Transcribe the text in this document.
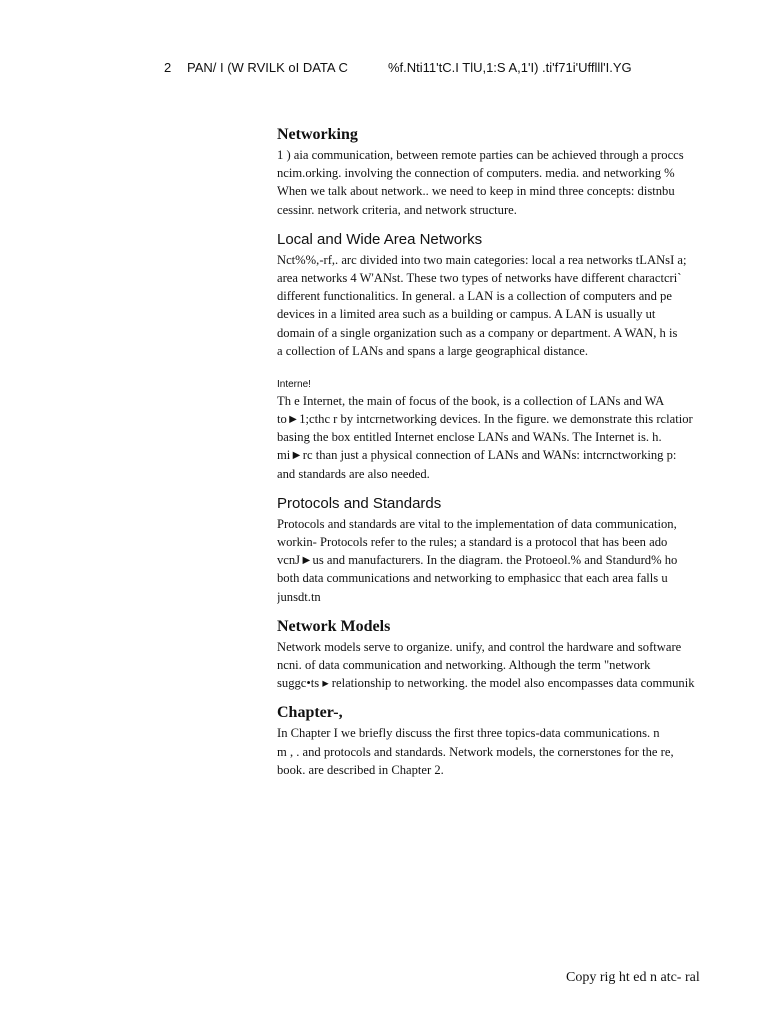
2 PAN/ I (W RVILK oI DATA C	%f.Nti11'tC.I TlU,1:S A,1'I) .ti'f71i'Ufflll'I.YG
Networking
1 ) aia communication, between remote parties can be achieved through a proccs
ncim.orking. involving the connection of computers. media. and networking %
When we talk about network.. we need to keep in mind three concepts: distnbu
cessinr. network criteria, and network structure.
Local and Wide Area Networks
Nct%%,-rf,. arc divided into two main categories: local a rea networks tLANsI a;
area networks 4 W'ANst. These two types of networks have different charactcri`
different functionalitics. In general. a LAN is a collection of computers and pe
devices in a limited area such as a building or campus. A LAN is usually ut
domain of a single organization such as a company or department. A WAN, h is
a collection of LANs and spans a large geographical distance.
Interne!
Th e Internet, the main of focus of the book, is a collection of LANs and WA
to►1;cthc r by intcrnetworking devices. In the figure. we demonstrate this rclatior
basing the box entitled Internet enclose LANs and WANs. The Internet is. h.
mi►rc than just a physical connection of LANs and WANs: intcrnctworking p:
and standards are also needed.
Protocols and Standards
Protocols and standards are vital to the implementation of data communication,
workin- Protocols refer to the rules; a standard is a protocol that has been ado
vcnJ►us and manufacturers. In the diagram. the Protoeol.% and Standurd% ho
both data communications and networking to emphasicc that each area falls u
junsdt.tn
Network Models
Network models serve to organize. unify, and control the hardware and software
ncni. of data communication and networking. Although the term "network
suggc•ts ▸ relationship to networking. the model also encompasses data communik
Chapter-,
In Chapter I we briefly discuss the first three topics-data communications. n
m , . and protocols and standards. Network models, the cornerstones for the re,
book. are described in Chapter 2.
Copy rig ht ed n atc- ral
